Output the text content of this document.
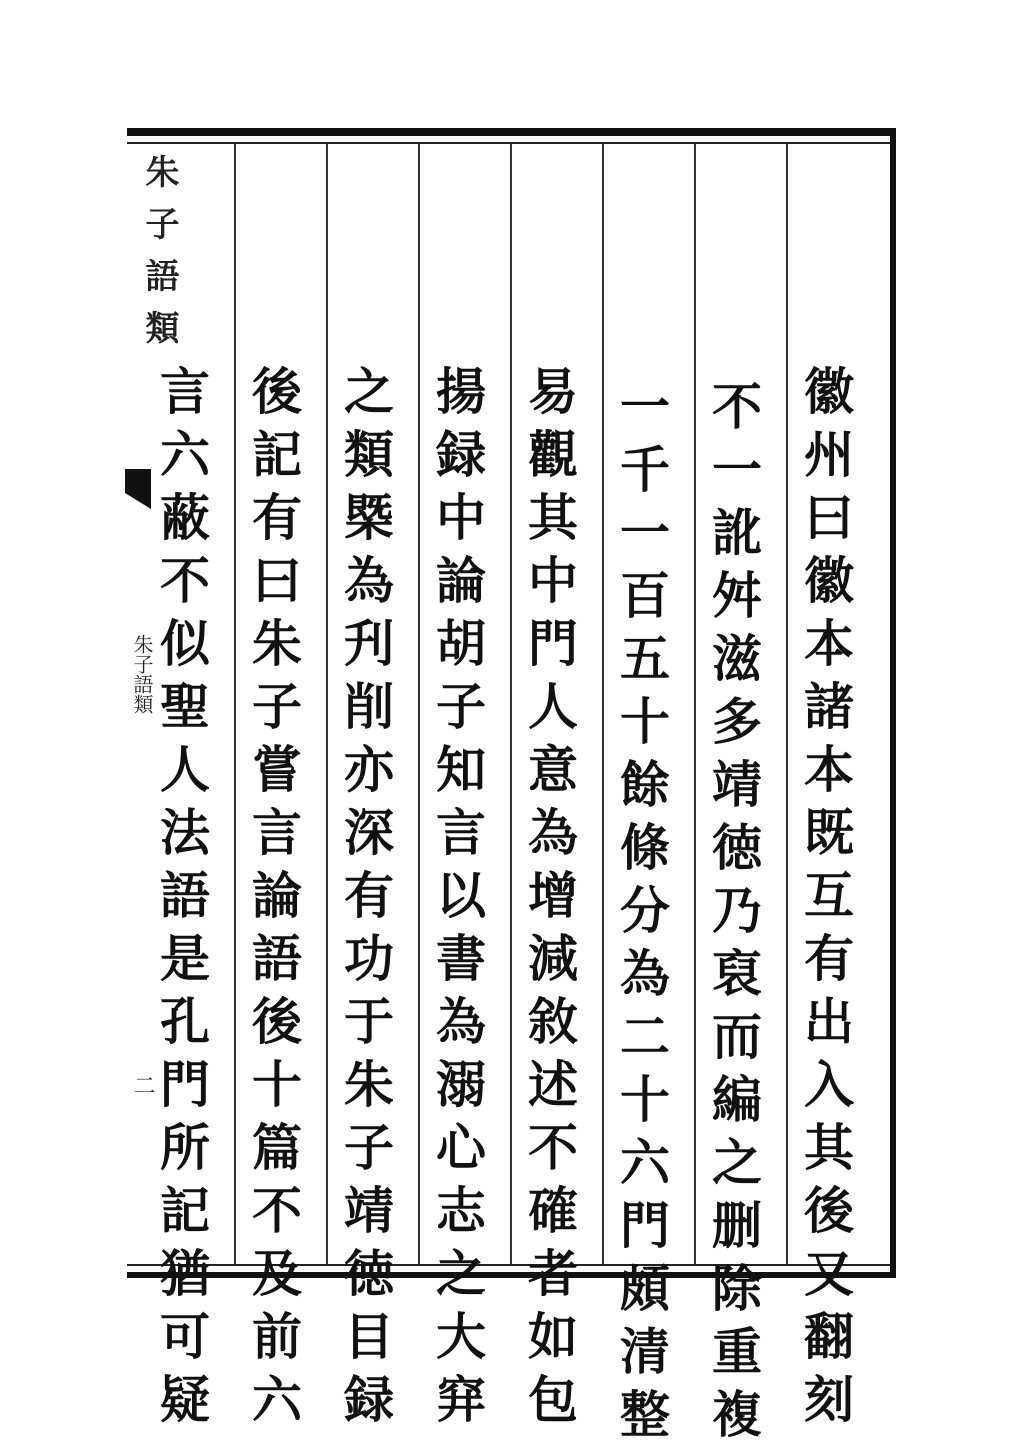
朱子語類
朱子語類
二
徽
州
曰
徽
本
諸
本
既
互
有
出
入
其
後
又
翻
刻
不
一
訛
舛
滋
多
靖
徳
乃
裒
而
編
之
删
除
重
複
一
千
一
百
五
十
餘
條
分
為
二
十
六
門
頗
清
整
易
觀
其
中
門
人
意
為
增
減
敘
述
不
確
者
如
包
揚
録
中
論
胡
子
知
言
以
書
為
溺
心
志
之
大
穽
之
類
槩
為
刋
削
亦
深
有
功
于
朱
子
靖
徳
目
録
後
記
有
曰
朱
子
嘗
言
論
語
後
十
篇
不
及
前
六
言
六
蔽
不
似
聖
人
法
語
是
孔
門
所
記
猶
可
疑
